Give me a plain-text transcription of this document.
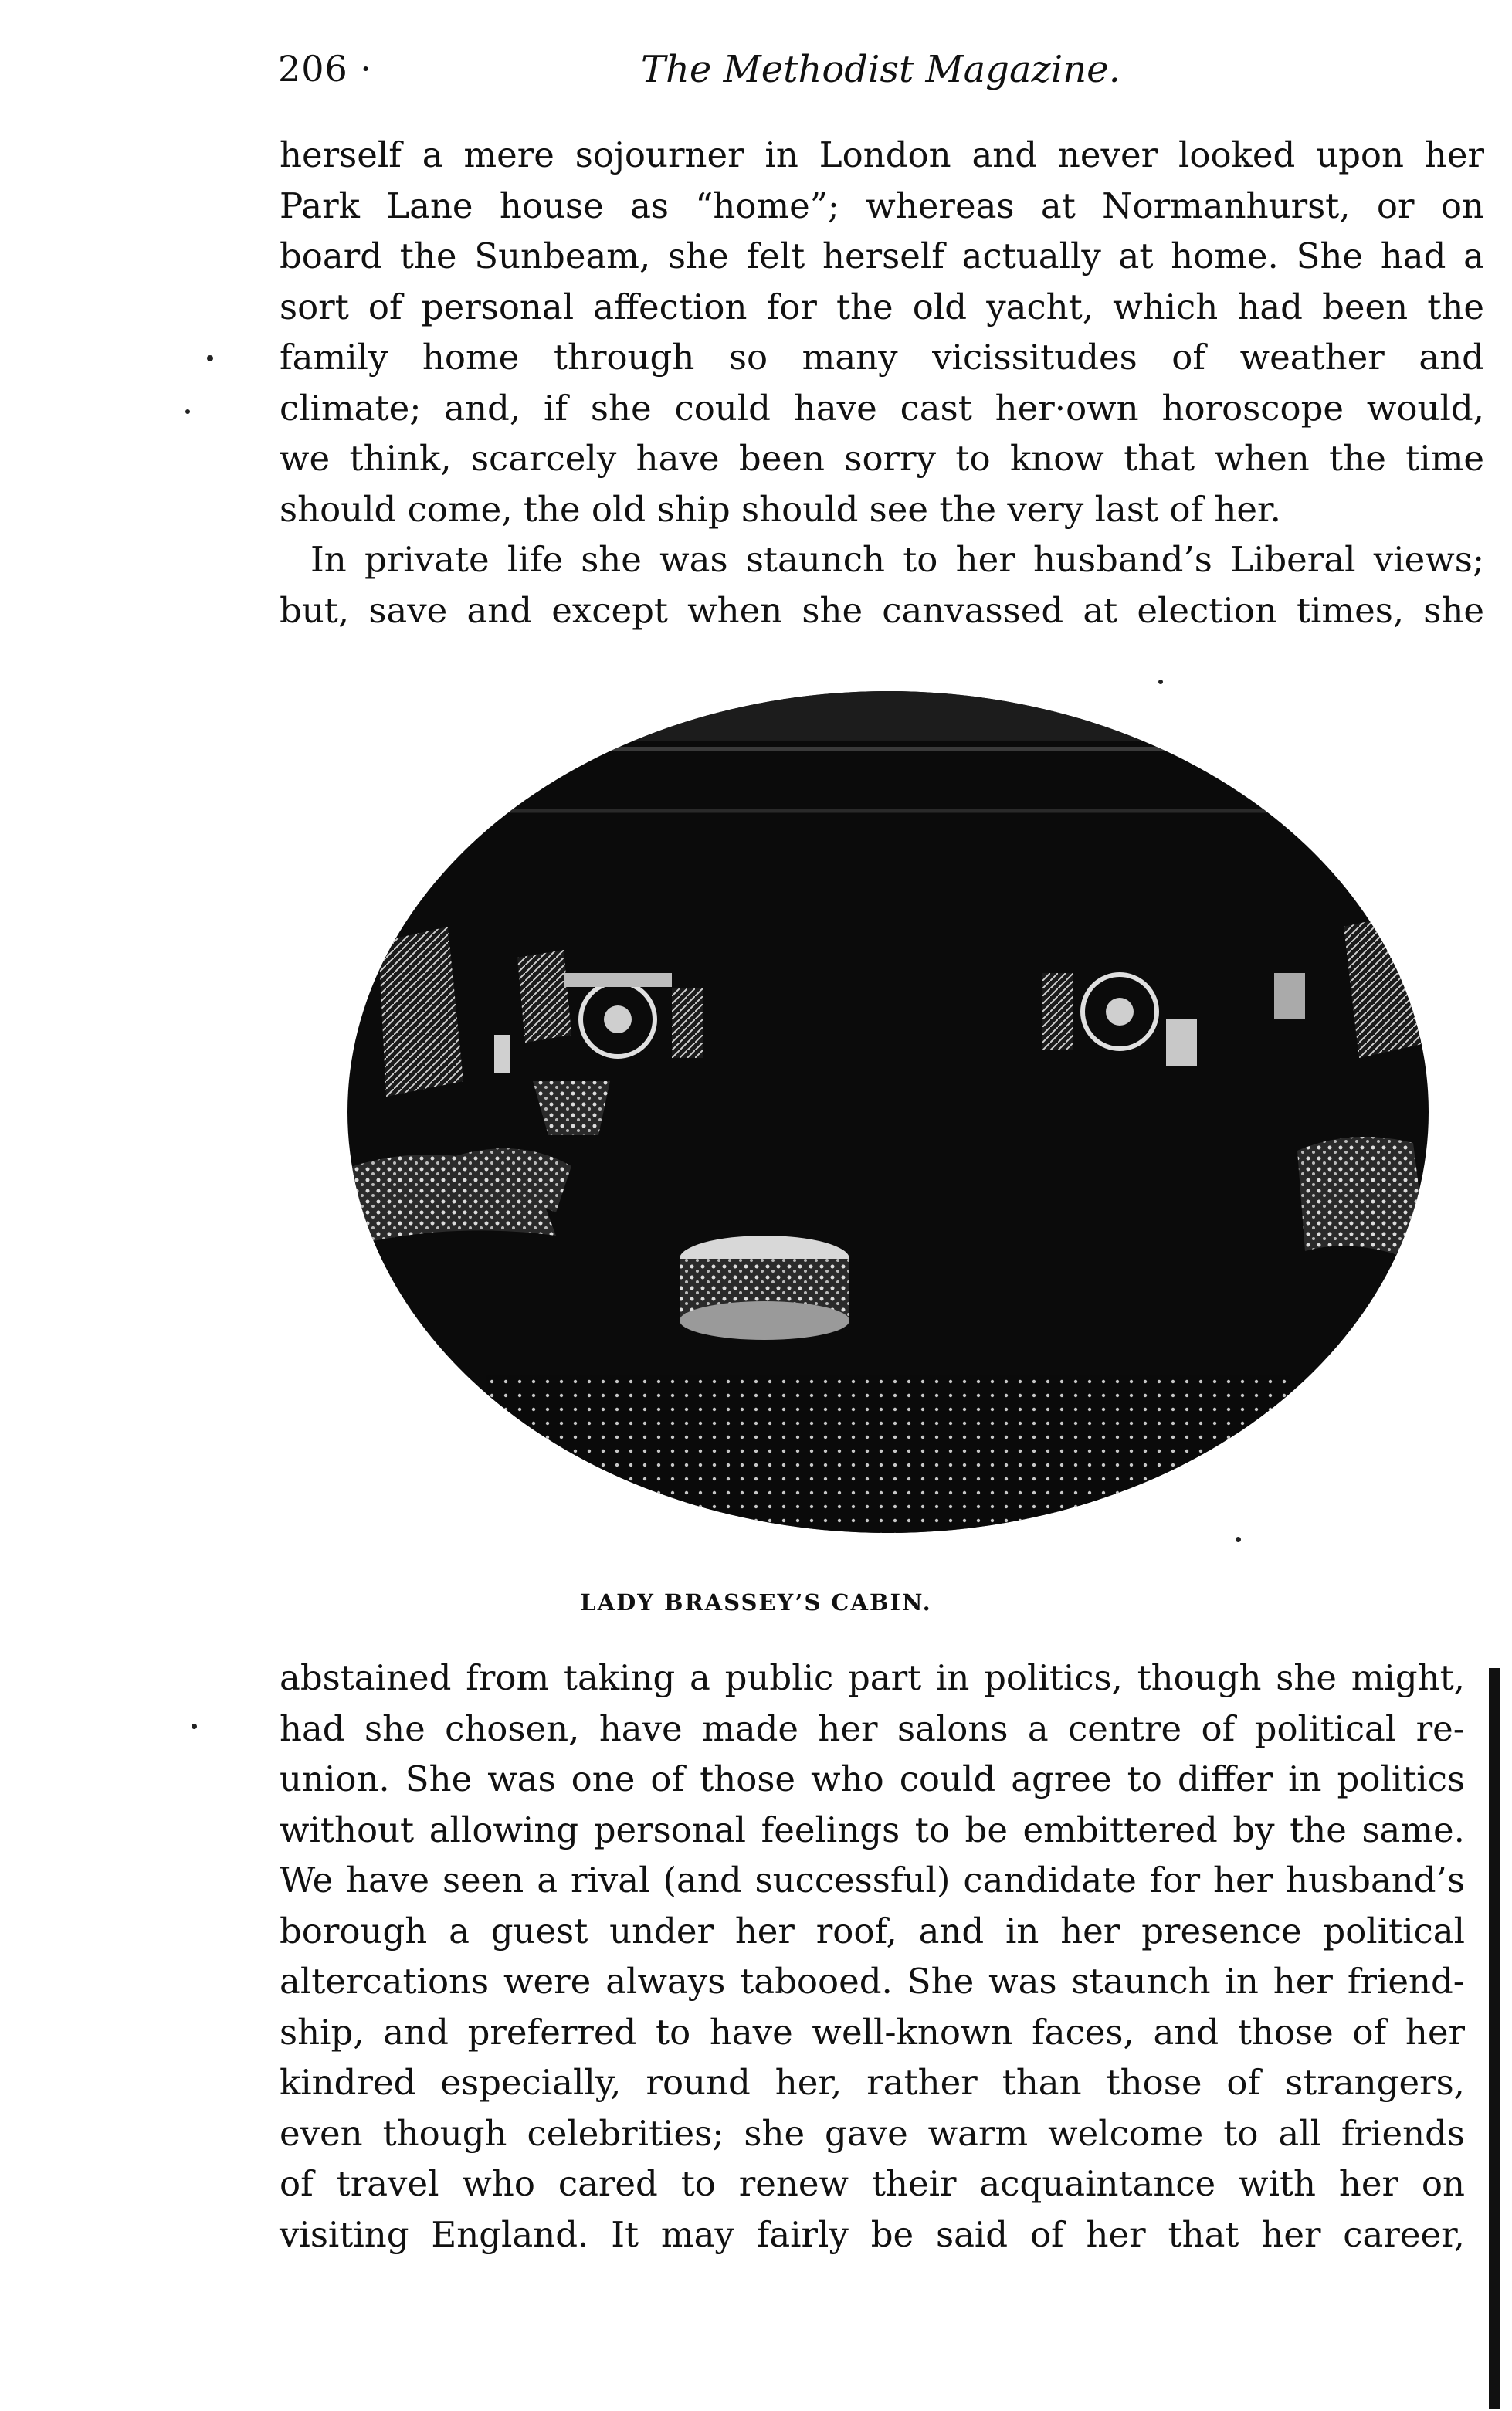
206 ·	The Methodist Magazine.
herself a mere sojourner in London and never looked upon her
Park Lane house as “home”; whereas at Normanhurst, or on
board the Sunbeam, she felt herself actually at home. She had a
sort of personal affection for the old yacht, which had been the
family home through so many vicissitudes of weather and
climate; and, if she could have cast her·own horoscope would,
we think, scarcely have been sorry to know that when the time
should come, the old ship should see the very last of her.
In private life she was staunch to her husband’s Liberal views;
but, save and except when she canvassed at election times, she
LADY BRASSEY’S CABIN.
abstained from taking a public part in politics, though she might,
had she chosen, have made her salons a centre of political re-
union. She was one of those who could agree to differ in politics
without allowing personal feelings to be embittered by the same.
We have seen a rival (and successful) candidate for her husband’s
borough a guest under her roof, and in her presence political
altercations were always tabooed. She was staunch in her friend-
ship, and preferred to have well-known faces, and those of her
kindred especially, round her, rather than those of strangers,
even though celebrities; she gave warm welcome to all friends
of travel who cared to renew their acquaintance with her on
visiting England. It may fairly be said of her that her career,
